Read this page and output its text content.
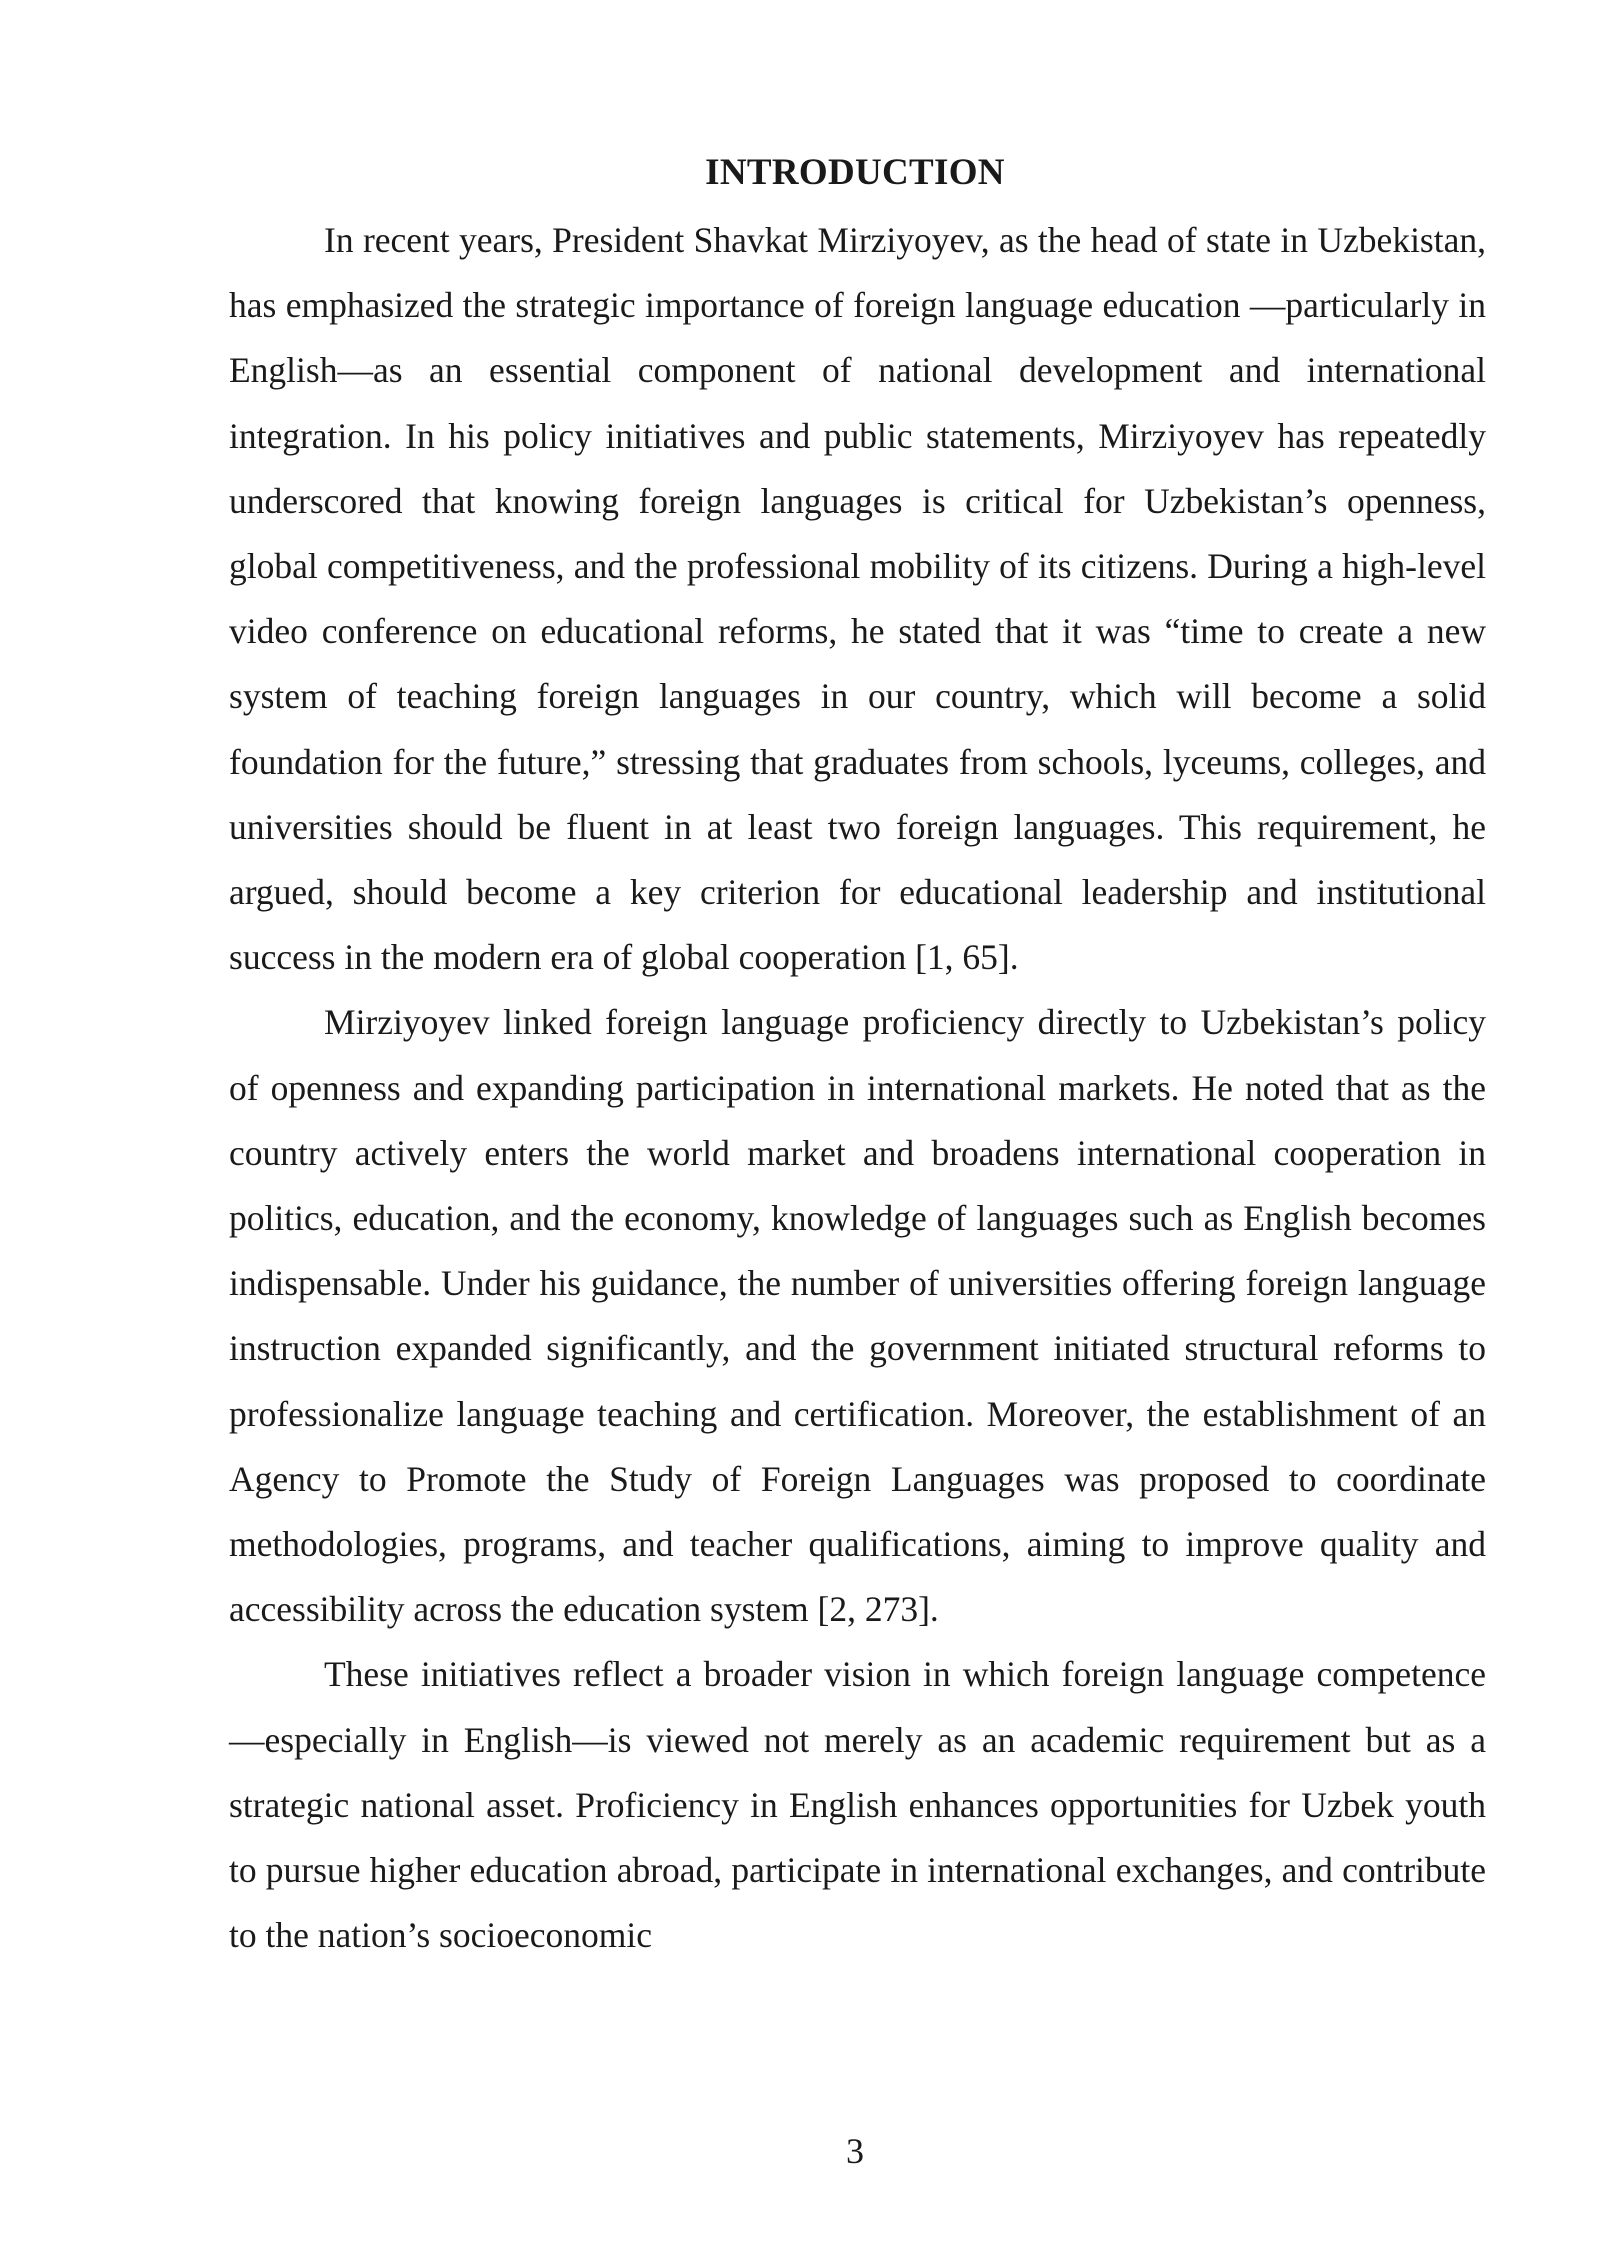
INTRODUCTION

In recent years, President Shavkat Mirziyoyev, as the head of state in Uzbekistan, has emphasized the strategic importance of foreign language education —particularly in English—as an essential component of national development and international integration. In his policy initiatives and public statements, Mirziyoyev has repeatedly underscored that knowing foreign languages is critical for Uzbekistan’s openness, global competitiveness, and the professional mobility of its citizens. During a high-level video conference on educational reforms, he stated that it was “time to create a new system of teaching foreign languages in our country, which will become a solid foundation for the future,” stressing that graduates from schools, lyceums, colleges, and universities should be fluent in at least two foreign languages. This requirement, he argued, should become a key criterion for educational leadership and institutional success in the modern era of global cooperation [1, 65].

Mirziyoyev linked foreign language proficiency directly to Uzbekistan’s policy of openness and expanding participation in international markets. He noted that as the country actively enters the world market and broadens international cooperation in politics, education, and the economy, knowledge of languages such as English becomes indispensable. Under his guidance, the number of universities offering foreign language instruction expanded significantly, and the government initiated structural reforms to professionalize language teaching and certification. Moreover, the establishment of an Agency to Promote the Study of Foreign Languages was proposed to coordinate methodologies, programs, and teacher qualifications, aiming to improve quality and accessibility across the education system [2, 273].

These initiatives reflect a broader vision in which foreign language competence—especially in English—is viewed not merely as an academic requirement but as a strategic national asset. Proficiency in English enhances opportunities for Uzbek youth to pursue higher education abroad, participate in international exchanges, and contribute to the nation’s socioeconomic

3
